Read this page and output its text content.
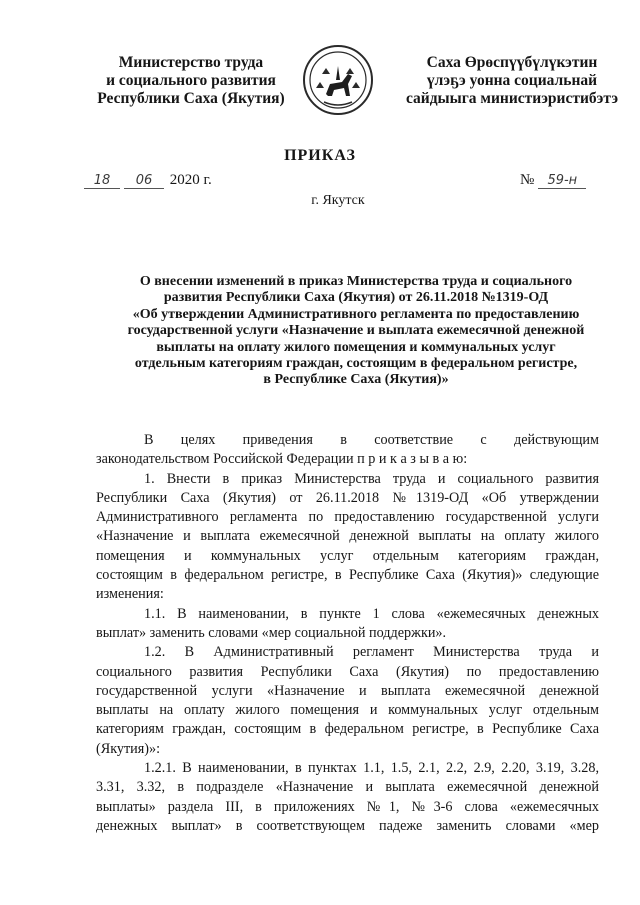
Министерство труда
и социального развития
Республики Саха (Якутия)
Саха Өрөспүүбүлүкэтин
үлэҕэ уонна социальнай
сайдыыга министиэристибэтэ
ПРИКАЗ
18 06 2020 г.	№ 59-н
г. Якутск
О внесении изменений в приказ Министерства труда и социального
развития Республики Саха (Якутия) от 26.11.2018 №1319-ОД
«Об утверждении Административного регламента по предоставлению
государственной услуги «Назначение и выплата ежемесячной денежной
выплаты на оплату жилого помещения и коммунальных услуг
отдельным категориям граждан, состоящим в федеральном регистре,
в Республике Саха (Якутия)»
В целях приведения в соответствие с действующим
законодательством Российской Федерации п р и к а з ы в а ю:
1. Внести в приказ Министерства труда и социального развития
Республики Саха (Якутия) от 26.11.2018 №1319-ОД «Об утверждении
Административного регламента по предоставлению государственной услуги
«Назначение и выплата ежемесячной денежной выплаты на оплату жилого
помещения и коммунальных услуг отдельным категориям граждан,
состоящим в федеральном регистре, в Республике Саха (Якутия)» следующие
изменения:
1.1. В наименовании, в пункте 1 слова «ежемесячных денежных
выплат» заменить словами «мер социальной поддержки».
1.2. В Административный регламент Министерства труда и
социального развития Республики Саха (Якутия) по предоставлению
государственной услуги «Назначение и выплата ежемесячной денежной
выплаты на оплату жилого помещения и коммунальных услуг отдельным
категориям граждан, состоящим в федеральном регистре, в Республике Саха
(Якутия)»:
1.2.1. В наименовании, в пунктах 1.1, 1.5, 2.1, 2.2, 2.9, 2.20, 3.19, 3.28,
3.31, 3.32, в подразделе «Назначение и выплата ежемесячной денежной
выплаты» раздела III, в приложениях №1, №3-6 слова «ежемесячных
денежных выплат» в соответствующем падеже заменить словами «мер
